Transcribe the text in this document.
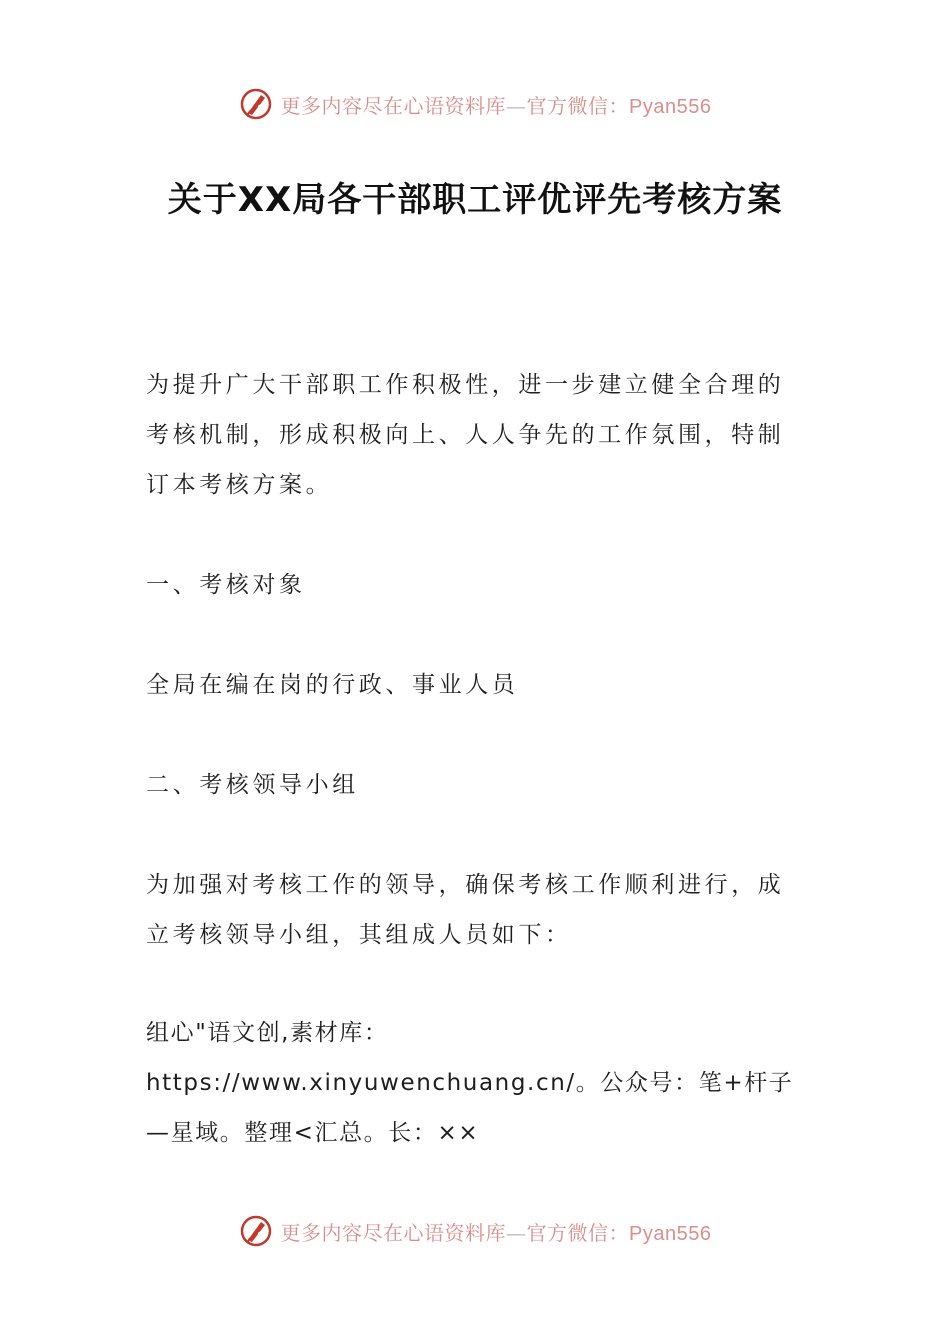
更多内容尽在心语资料库—官方微信：Pyan556
关于XX局各干部职工评优评先考核方案

为提升广大干部职工作积极性，进一步建立健全合理的考核机制，形成积极向上、人人争先的工作氛围，特制订本考核方案。

一、考核对象

全局在编在岗的行政、事业人员

二、考核领导小组

为加强对考核工作的领导，确保考核工作顺利进行，成立考核领导小组，其组成人员如下：

组心"语文创,素材库：https://www.xinyuwenchuang.cn/。公众号：笔+杆子—星域。整理<汇总。长：××

更多内容尽在心语资料库—官方微信：Pyan556
